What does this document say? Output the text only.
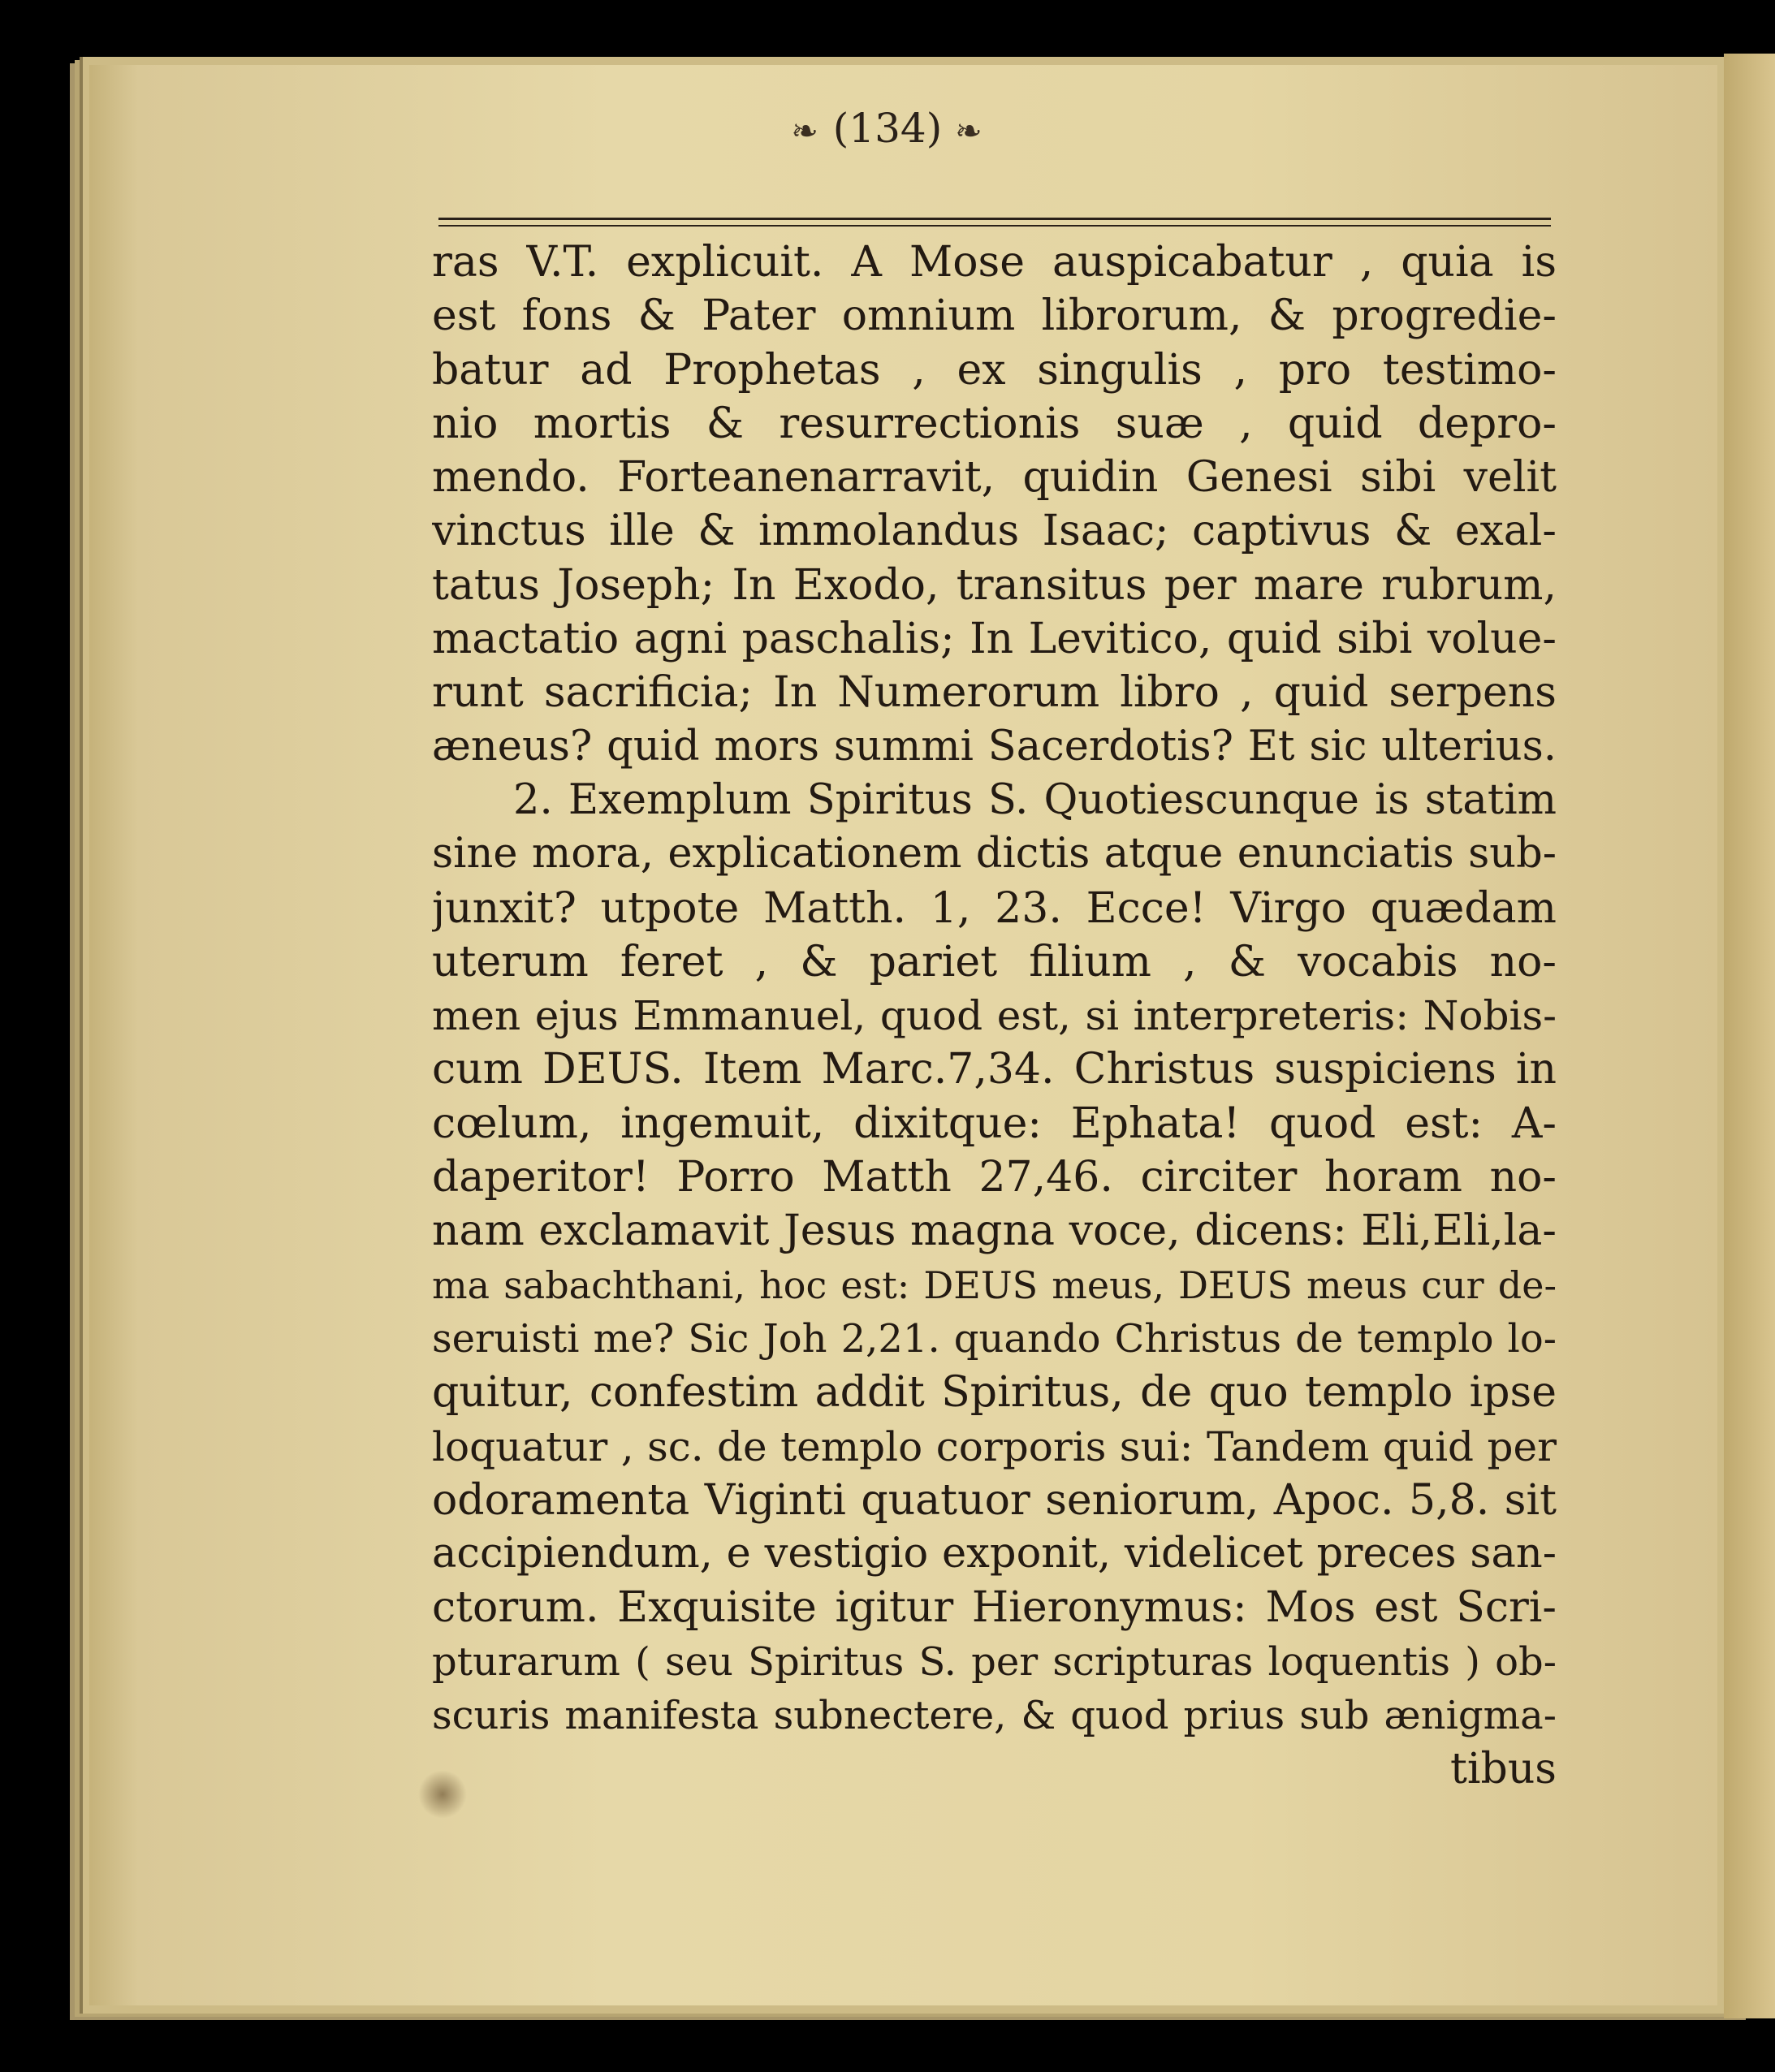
❧ (134) ❧
ras V.T. explicuit. A Mose auspicabatur , quia is
est fons & Pater omnium librorum, & progredie-
batur ad Prophetas , ex singulis , pro testimo-
nio mortis & resurrectionis suæ , quid depro-
mendo. Forteanenarravit, quidin Genesi sibi velit
vinctus ille & immolandus Isaac; captivus & exal-
tatus Joseph; In Exodo, transitus per mare rubrum,
mactatio agni paschalis; In Levitico, quid sibi volue-
runt sacrificia; In Numerorum libro , quid serpens
æneus? quid mors summi Sacerdotis? Et sic ulterius.
2. Exemplum Spiritus S. Quotiescunque is statim
sine mora, explicationem dictis atque enunciatis sub-
junxit? utpote Matth. 1, 23. Ecce! Virgo quædam
uterum feret , & pariet filium , & vocabis no-
men ejus Emmanuel, quod est, si interpreteris: Nobis-
cum DEUS. Item Marc.7,34. Christus suspiciens in
cœlum, ingemuit, dixitque: Ephata! quod est: A-
daperitor! Porro Matth 27,46. circiter horam no-
nam exclamavit Jesus magna voce, dicens: Eli,Eli,la-
ma sabachthani, hoc est: DEUS meus, DEUS meus cur de-
seruisti me? Sic Joh 2,21. quando Christus de templo lo-
quitur, confestim addit Spiritus, de quo templo ipse
loquatur , sc. de templo corporis sui: Tandem quid per
odoramenta Viginti quatuor seniorum, Apoc. 5,8. sit
accipiendum, e vestigio exponit, videlicet preces san-
ctorum. Exquisite igitur Hieronymus: Mos est Scri-
pturarum ( seu Spiritus S. per scripturas loquentis ) ob-
scuris manifesta subnectere, & quod prius sub ænigma-
tibus
